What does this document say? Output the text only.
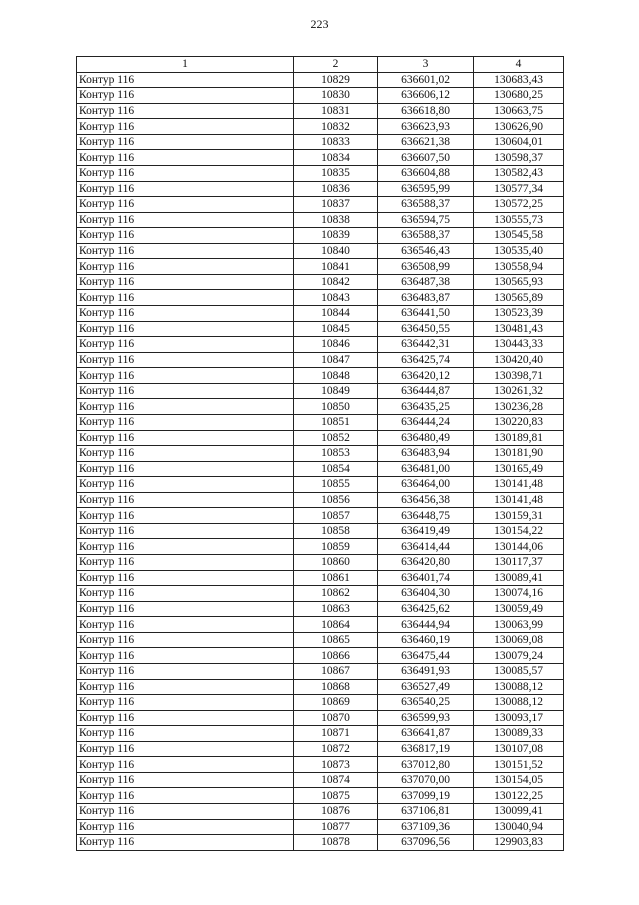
223
1	2	3	4
Контур 116	10829	636601,02	130683,43
Контур 116	10830	636606,12	130680,25
Контур 116	10831	636618,80	130663,75
Контур 116	10832	636623,93	130626,90
Контур 116	10833	636621,38	130604,01
Контур 116	10834	636607,50	130598,37
Контур 116	10835	636604,88	130582,43
Контур 116	10836	636595,99	130577,34
Контур 116	10837	636588,37	130572,25
Контур 116	10838	636594,75	130555,73
Контур 116	10839	636588,37	130545,58
Контур 116	10840	636546,43	130535,40
Контур 116	10841	636508,99	130558,94
Контур 116	10842	636487,38	130565,93
Контур 116	10843	636483,87	130565,89
Контур 116	10844	636441,50	130523,39
Контур 116	10845	636450,55	130481,43
Контур 116	10846	636442,31	130443,33
Контур 116	10847	636425,74	130420,40
Контур 116	10848	636420,12	130398,71
Контур 116	10849	636444,87	130261,32
Контур 116	10850	636435,25	130236,28
Контур 116	10851	636444,24	130220,83
Контур 116	10852	636480,49	130189,81
Контур 116	10853	636483,94	130181,90
Контур 116	10854	636481,00	130165,49
Контур 116	10855	636464,00	130141,48
Контур 116	10856	636456,38	130141,48
Контур 116	10857	636448,75	130159,31
Контур 116	10858	636419,49	130154,22
Контур 116	10859	636414,44	130144,06
Контур 116	10860	636420,80	130117,37
Контур 116	10861	636401,74	130089,41
Контур 116	10862	636404,30	130074,16
Контур 116	10863	636425,62	130059,49
Контур 116	10864	636444,94	130063,99
Контур 116	10865	636460,19	130069,08
Контур 116	10866	636475,44	130079,24
Контур 116	10867	636491,93	130085,57
Контур 116	10868	636527,49	130088,12
Контур 116	10869	636540,25	130088,12
Контур 116	10870	636599,93	130093,17
Контур 116	10871	636641,87	130089,33
Контур 116	10872	636817,19	130107,08
Контур 116	10873	637012,80	130151,52
Контур 116	10874	637070,00	130154,05
Контур 116	10875	637099,19	130122,25
Контур 116	10876	637106,81	130099,41
Контур 116	10877	637109,36	130040,94
Контур 116	10878	637096,56	129903,83
